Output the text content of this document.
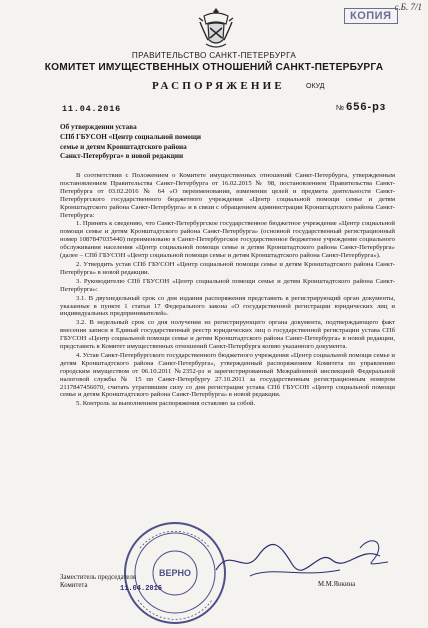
с.Б. 7/1
КОПИЯ
ПРАВИТЕЛЬСТВО САНКТ-ПЕТЕРБУРГА
КОМИТЕТ ИМУЩЕСТВЕННЫХ ОТНОШЕНИЙ САНКТ-ПЕТЕРБУРГА
РАСПОРЯЖЕНИЕ	ОКУД
11.04.2016	№ 656-рз
Об утверждении устава
СПб ГБУСОН «Центр социальной помощи
семье и детям Кронштадтского района
Санкт-Петербурга» в новой редакции

В соответствии с Положением о Комитете имущественных отношений Санкт-Петербурга, утвержденным постановлением Правительства Санкт-Петербурга от 16.02.2015 № 98, постановлением Правительства Санкт-Петербурга от 03.02.2016 № 64 «О переименовании, изменении целей и предмета деятельности Санкт-Петербургского государственного бюджетного учреждения «Центр социальной помощи семье и детям Кронштадтского района Санкт-Петербурга» и в связи с обращением администрации Кронштадтского района Санкт-Петербурга:

1. Принять к сведению, что Санкт-Петербургское государственное бюджетное учреждение «Центр социальной помощи семье и детям Кронштадтского района Санкт-Петербурга» (основной государственный регистрационный номер 1087847035440) переименовано в Санкт-Петербургское государственное бюджетное учреждение социального обслуживания населения «Центр социальной помощи семье и детям Кронштадтского района Санкт-Петербурга» (далее – СПб ГБУСОН «Центр социальной помощи семье и детям Кронштадтского района Санкт-Петербурга»).

2. Утвердить устав СПб ГБУСОН «Центр социальной помощи семье и детям Кронштадтского района Санкт-Петербурга» в новой редакции.

3. Руководителю СПб ГБУСОН «Центр социальной помощи семье и детям Кронштадтского района Санкт-Петербурга»:

3.1. В двухнедельный срок со дня издания распоряжения представить в регистрирующий орган документы, указанные в пункте 1 статьи 17 Федерального закона «О государственной регистрации юридических лиц и индивидуальных предпринимателей».

3.2. В недельный срок со дня получения из регистрирующего органа документа, подтверждающего факт внесения записи в Единый государственный реестр юридических лиц о государственной регистрации устава СПб ГБУСОН «Центр социальной помощи семье и детям Кронштадтского района Санкт-Петербурга» в новой редакции, представить в Комитет имущественных отношений Санкт-Петербурга копию указанного документа.

4. Устав Санкт-Петербургского государственного бюджетного учреждения «Центр социальной помощи семье и детям Кронштадтского района Санкт-Петербурга», утвержденный распоряжением Комитета по управлению городским имуществом от 06.10.2011 №2352-рз и зарегистрированный Межрайонной инспекцией Федеральной налоговой службы № 15 по Санкт-Петербургу 27.10.2011 за государственным регистрационным номером 2117847456070, считать утратившим силу со дня регистрации устава СПб ГБУСОН «Центр социальной помощи семье и детям Кронштадтского района Санкт-Петербурга» в новой редакции.

5. Контроль за выполнением распоряжения оставляю за собой.

ВЕРНО
Заместитель председателя
Комитета	11.04.2016
М.М.Янкина
